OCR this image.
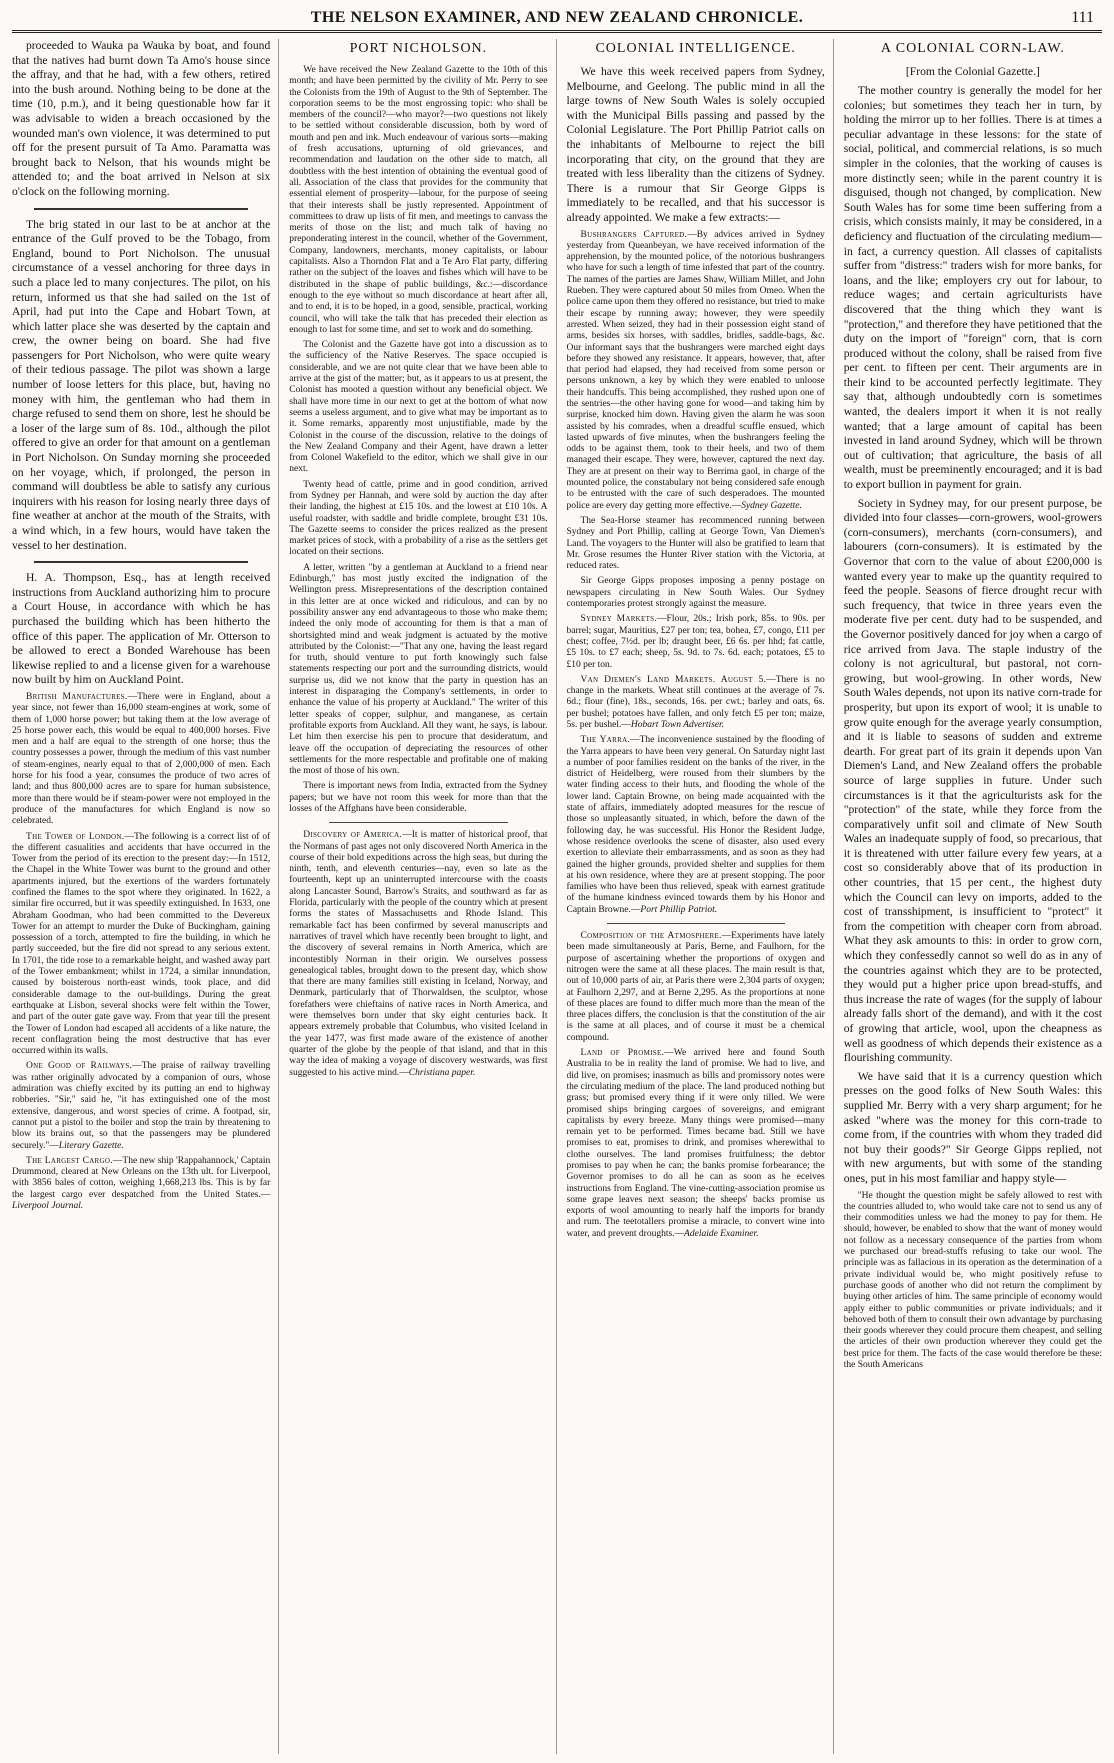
THE NELSON EXAMINER, AND NEW ZEALAND CHRONICLE.	111

proceeded to Wauka pa Wauka by boat, and found that the natives had burnt down Ta Amo's house since the affray, and that he had, with a few others, retired into the bush around. Nothing being to be done at the time (10, p.m.), and it being questionable how far it was advisable to widen a breach occasioned by the wounded man's own violence, it was determined to put off for the present pursuit of Ta Amo. Paramatta was brought back to Nelson, that his wounds might be attended to; and the boat arrived in Nelson at six o'clock on the following morning.

The brig stated in our last to be at anchor at the entrance of the Gulf proved to be the Tobago, from England, bound to Port Nicholson. The unusual circumstance of a vessel anchoring for three days in such a place led to many conjectures. The pilot, on his return, informed us that she had sailed on the 1st of April, had put into the Cape and Hobart Town, at which latter place she was deserted by the captain and crew, the owner being on board. She had five passengers for Port Nicholson, who were quite weary of their tedious passage. The pilot was shown a large number of loose letters for this place, but, having no money with him, the gentleman who had them in charge refused to send them on shore, lest he should be a loser of the large sum of 8s. 10d., although the pilot offered to give an order for that amount on a gentleman in Port Nicholson. On Sunday morning she proceeded on her voyage, which, if prolonged, the person in command will doubtless be able to satisfy any curious inquirers with his reason for losing nearly three days of fine weather at anchor at the mouth of the Straits, with a wind which, in a few hours, would have taken the vessel to her destination.

H. A. Thompson, Esq., has at length received instructions from Auckland authorizing him to procure a Court House, in accordance with which he has purchased the building which has been hitherto the office of this paper. The application of Mr. Otterson to be allowed to erect a Bonded Warehouse has been likewise replied to and a license given for a warehouse now built by him on Auckland Point.

British Manufactures.—There were in England, about a year since, not fewer than 16,000 steam-engines at work, some of them of 1,000 horse power; but taking them at the low average of 25 horse power each, this would be equal to 400,000 horses. Five men and a half are equal to the strength of one horse; thus the country possesses a power, through the medium of this vast number of steam-engines, nearly equal to that of 2,000,000 of men. Each horse for his food a year, consumes the produce of two acres of land; and thus 800,000 acres are to spare for human subsistence, more than there would be if steam-power were not employed in the produce of the manufactures for which England is now so celebrated.

The Tower of London.—The following is a correct list of of the different casualities and accidents that have occurred in the Tower from the period of its erection to the present day:—In 1512, the Chapel in the White Tower was burnt to the ground and other apartments injured, but the exertions of the warders fortunately confined the flames to the spot where they originated. In 1622, a similar fire occurred, but it was speedily extinguished. In 1633, one Abraham Goodman, who had been committed to the Devereux Tower for an attempt to murder the Duke of Buckingham, gaining possession of a torch, attempted to fire the building, in which he partly succeeded, but the fire did not spread to any serious extent. In 1701, the tide rose to a remarkable height, and washed away part of the Tower embankment; whilst in 1724, a similar innundation, caused by boisterous north-east winds, took place, and did considerable damage to the out-buildings. During the great earthquake at Lisbon, several shocks were felt within the Tower, and part of the outer gate gave way. From that year till the present the Tower of London had escaped all accidents of a like nature, the recent conflagration being the most destructive that has ever occurred within its walls.

One Good of Railways.—The praise of railway travelling was rather originally advocated by a companion of ours, whose admiration was chiefly excited by its putting an end to highway robberies. "Sir," said he, "it has extinguished one of the most extensive, dangerous, and worst species of crime. A footpad, sir, cannot put a pistol to the boiler and stop the train by threatening to blow its brains out, so that the passengers may be plundered securely."—Literary Gazette.

The Largest Cargo.—The new ship 'Rappahannock,' Captain Drummond, cleared at New Orleans on the 13th ult. for Liverpool, with 3856 bales of cotton, weighing 1,668,213 lbs. This is by far the largest cargo ever despatched from the United States.—Liverpool Journal.

PORT NICHOLSON.

We have received the New Zealand Gazette to the 10th of this month; and have been permitted by the civility of Mr. Perry to see the Colonists from the 19th of August to the 9th of September. The corporation seems to be the most engrossing topic: who shall be members of the council?—who mayor?—two questions not likely to be settled without considerable discussion, both by word of mouth and pen and ink. Much endeavour of various sorts—making of fresh accusations, upturning of old grievances, and recommendation and laudation on the other side to match, all doubtless with the best intention of obtaining the eventual good of all. Association of the class that provides for the community that essential element of prosperity—labour, for the purpose of seeing that their interests shall be justly represented. Appointment of committees to draw up lists of fit men, and meetings to canvass the merits of those on the list; and much talk of having no preponderating interest in the council, whether of the Government, Company, landowners, merchants, money capitalists, or labour capitalists. Also a Thorndon Flat and a Te Aro Flat party, differing rather on the subject of the loaves and fishes which will have to be distributed in the shape of public buildings, &c.:—discordance enough to the eye without so much discordance at heart after all, and to end, it is to be hoped, in a good, sensible, practical, working council, who will take the talk that has preceded their election as enough to last for some time, and set to work and do something.

The Colonist and the Gazette have got into a discussion as to the sufficiency of the Native Reserves. The space occupied is considerable, and we are not quite clear that we have been able to arrive at the gist of the matter; but, as it appears to us at present, the Colonist has mooted a question without any beneficial object. We shall have more time in our next to get at the bottom of what now seems a useless argument, and to give what may be important as to it. Some remarks, apparently most unjustifiable, made by the Colonist in the course of the discussion, relative to the doings of the New Zealand Company and their Agent, have drawn a letter from Colonel Wakefield to the editor, which we shall give in our next.

Twenty head of cattle, prime and in good condition, arrived from Sydney per Hannah, and were sold by auction the day after their landing, the highest at £15 10s. and the lowest at £10 10s. A useful roadster, with saddle and bridle complete, brought £31 10s. The Gazette seems to consider the prices realized as the present market prices of stock, with a probability of a rise as the settlers get located on their sections.

A letter, written "by a gentleman at Auckland to a friend near Edinburgh," has most justly excited the indignation of the Wellington press. Misrepresentations of the description contained in this letter are at once wicked and ridiculous, and can by no possibility answer any end advantageous to those who make them; indeed the only mode of accounting for them is that a man of shortsighted mind and weak judgment is actuated by the motive attributed by the Colonist:—"That any one, having the least regard for truth, should venture to put forth knowingly such false statements respecting our port and the surrounding districts, would surprise us, did we not know that the party in question has an interest in disparaging the Company's settlements, in order to enhance the value of his property at Auckland." The writer of this letter speaks of copper, sulphur, and manganese, as certain profitable exports from Auckland. All they want, he says, is labour. Let him then exercise his pen to procure that desideratum, and leave off the occupation of depreciating the resources of other settlements for the more respectable and profitable one of making the most of those of his own.

There is important news from India, extracted from the Sydney papers; but we have not room this week for more than that the losses of the Affghans have been considerable.

Discovery of America.—It is matter of historical proof, that the Normans of past ages not only discovered North America in the course of their bold expeditions across the high seas, but during the ninth, tenth, and eleventh centuries—nay, even so late as the fourteenth, kept up an uninterrupted intercourse with the coasts along Lancaster Sound, Barrow's Straits, and southward as far as Florida, particularly with the people of the country which at present forms the states of Massachusetts and Rhode Island. This remarkable fact has been confirmed by several manuscripts and narratives of travel which have recently been brought to light, and the discovery of several remains in North America, which are incontestibly Norman in their origin. We ourselves possess genealogical tables, brought down to the present day, which show that there are many families still existing in Iceland, Norway, and Denmark, particularly that of Thorwaldsen, the sculptor, whose forefathers were chieftains of native races in North America, and were themselves born under that sky eight centuries back. It appears extremely probable that Columbus, who visited Iceland in the year 1477, was first made aware of the existence of another quarter of the globe by the people of that island, and that in this way the idea of making a voyage of discovery westwards, was first suggested to his active mind.—Christiana paper.

COLONIAL INTELLIGENCE.

We have this week received papers from Sydney, Melbourne, and Geelong. The public mind in all the large towns of New South Wales is solely occupied with the Municipal Bills passing and passed by the Colonial Legislature. The Port Phillip Patriot calls on the inhabitants of Melbourne to reject the bill incorporating that city, on the ground that they are treated with less liberality than the citizens of Sydney. There is a rumour that Sir George Gipps is immediately to be recalled, and that his successor is already appointed. We make a few extracts:—

Bushrangers Captured.—By advices arrived in Sydney yesterday from Queanbeyan, we have received information of the apprehension, by the mounted police, of the notorious bushrangers who have for such a length of time infested that part of the country. The names of the parties are James Shaw, William Millet, and John Rueben. They were captured about 50 miles from Omeo. When the police came upon them they offered no resistance, but tried to make their escape by running away; however, they were speedily arrested. When seized, they had in their possession eight stand of arms, besides six horses, with saddles, bridles, saddle-bags, &c. Our informant says that the bushrangers were marched eight days before they showed any resistance. It appears, however, that, after that period had elapsed, they had received from some person or persons unknown, a key by which they were enabled to unloose their handcuffs. This being accomplished, they rushed upon one of the sentries—the other having gone for wood—and taking him by surprise, knocked him down. Having given the alarm he was soon assisted by his comrades, when a dreadful scuffle ensued, which lasted upwards of five minutes, when the bushrangers feeling the odds to be against them, took to their heels, and two of them managed their escape. They were, however, captured the next day. They are at present on their way to Berrima gaol, in charge of the mounted police, the constabulary not being considered safe enough to be entrusted with the care of such desperadoes. The mounted police are every day getting more effective.—Sydney Gazette.

The Sea-Horse steamer has recommenced running between Sydney and Port Phillip, calling at George Town, Van Diemen's Land. The voyagers to the Hunter will also be gratified to learn that Mr. Grose resumes the Hunter River station with the Victoria, at reduced rates.

Sir George Gipps proposes imposing a penny postage on newspapers circulating in New South Wales. Our Sydney contemporaries protest strongly against the measure.

Sydney Markets.—Flour, 20s.; Irish pork, 85s. to 90s. per barrel; sugar, Mauritius, £27 per ton; tea, bohea, £7, congo, £11 per chest; coffee, 7½d. per lb; draught beer, £6 6s. per hhd; fat cattle, £5 10s. to £7 each; sheep, 5s. 9d. to 7s. 6d. each; potatoes, £5 to £10 per ton.

Van Diemen's Land Markets. August 5.—There is no change in the markets. Wheat still continues at the average of 7s. 6d.; flour (fine), 18s., seconds, 16s. per cwt.; barley and oats, 6s. per bushel; potatoes have fallen, and only fetch £5 per ton; maize, 5s. per bushel.—Hobart Town Advertiser.

The Yarra.—The inconvenience sustained by the flooding of the Yarra appears to have been very general. On Saturday night last a number of poor families resident on the banks of the river, in the district of Heidelberg, were roused from their slumbers by the water finding access to their huts, and flooding the whole of the lower land. Captain Browne, on being made acquainted with the state of affairs, immediately adopted measures for the rescue of those so unpleasantly situated, in which, before the dawn of the following day, he was successful. His Honor the Resident Judge, whose residence overlooks the scene of disaster, also used every exertion to alleviate their embarrassments, and as soon as they had gained the higher grounds, provided shelter and supplies for them at his own residence, where they are at present stopping. The poor families who have been thus relieved, speak with earnest gratitude of the humane kindness evinced towards them by his Honor and Captain Browne.—Port Phillip Patriot.

Composition of the Atmosphere.—Experiments have lately been made simultaneously at Paris, Berne, and Faulhorn, for the purpose of ascertaining whether the proportions of oxygen and nitrogen were the same at all these places. The main result is that, out of 10,000 parts of air, at Paris there were 2,304 parts of oxygen; at Faulhorn 2,297, and at Berne 2,295. As the proportions at none of these places are found to differ much more than the mean of the three places differs, the conclusion is that the constitution of the air is the same at all places, and of course it must be a chemical compound.

Land of Promise.—We arrived here and found South Australia to be in reality the land of promise. We had to live, and did live, on promises; inasmuch as bills and promissory notes were the circulating medium of the place. The land produced nothing but grass; but promised every thing if it were only tilled. We were promised ships bringing cargoes of sovereigns, and emigrant capitalists by every breeze. Many things were promised—many remain yet to be performed. Times became bad. Still we have promises to eat, promises to drink, and promises wherewithal to clothe ourselves. The land promises fruitfulness; the debtor promises to pay when he can; the banks promise forbearance; the Governor promises to do all he can as soon as he eceives instructions from England. The vine-cutting-association promise us some grape leaves next season; the sheeps' backs promise us exports of wool amounting to nearly half the imports for brandy and rum. The teetotallers promise a miracle, to convert wine into water, and prevent droughts.—Adelaide Examiner.

A COLONIAL CORN-LAW.
[From the Colonial Gazette.]

The mother country is generally the model for her colonies; but sometimes they teach her in turn, by holding the mirror up to her follies. There is at times a peculiar advantage in these lessons: for the state of social, political, and commercial relations, is so much simpler in the colonies, that the working of causes is more distinctly seen; while in the parent country it is disguised, though not changed, by complication. New South Wales has for some time been suffering from a crisis, which consists mainly, it may be considered, in a deficiency and fluctuation of the circulating medium—in fact, a currency question. All classes of capitalists suffer from "distress:" traders wish for more banks, for loans, and the like; employers cry out for labour, to reduce wages; and certain agriculturists have discovered that the thing which they want is "protection," and therefore they have petitioned that the duty on the import of "foreign" corn, that is corn produced without the colony, shall be raised from five per cent. to fifteen per cent. Their arguments are in their kind to be accounted perfectly legitimate. They say that, although undoubtedly corn is sometimes wanted, the dealers import it when it is not really wanted; that a large amount of capital has been invested in land around Sydney, which will be thrown out of cultivation; that agriculture, the basis of all wealth, must be preeminently encouraged; and it is bad to export bullion in payment for grain.

Society in Sydney may, for our present purpose, be divided into four classes—corn-growers, wool-growers (corn-consumers), merchants (corn-consumers), and labourers (corn-consumers). It is estimated by the Governor that corn to the value of about £200,000 is wanted every year to make up the quantity required to feed the people. Seasons of fierce drought recur with such frequency, that twice in three years even the moderate five per cent. duty had to be suspended, and the Governor positively danced for joy when a cargo of rice arrived from Java. The staple industry of the colony is not agricultural, but pastoral, not corn-growing, but wool-growing. In other words, New South Wales depends, not upon its native corn-trade for prosperity, but upon its export of wool; it is unable to grow quite enough for the average yearly consumption, and it is liable to seasons of sudden and extreme dearth. For great part of its grain it depends upon Van Diemen's Land, and New Zealand offers the probable source of large supplies in future. Under such circumstances is it that the agriculturists ask for the "protection" of the state, while they force from the comparatively unfit soil and climate of New South Wales an inadequate supply of food, so precarious, that it is threatened with utter failure every few years, at a cost so considerably above that of its production in other countries, that 15 per cent., the highest duty which the Council can levy on imports, added to the cost of transshipment, is insufficient to "protect" it from the competition with cheaper corn from abroad. What they ask amounts to this: in order to grow corn, which they confessedly cannot so well do as in any of the countries against which they are to be protected, they would put a higher price upon bread-stuffs, and thus increase the rate of wages (for the supply of labour already falls short of the demand), and with it the cost of growing that article, wool, upon the cheapness as well as goodness of which depends their existence as a flourishing community.

We have said that it is a currency question which presses on the good folks of New South Wales: this supplied Mr. Berry with a very sharp argument; for he asked "where was the money for this corn-trade to come from, if the countries with whom they traded did not buy their goods?" Sir George Gipps replied, not with new arguments, but with some of the standing ones, put in his most familiar and happy style—

"He thought the question might be safely allowed to rest with the countries alluded to, who would take care not to send us any of their commodities unless we had the money to pay for them. He should, however, be enabled to show that the want of money would not follow as a necessary consequence of the parties from whom we purchased our bread-stuffs refusing to take our wool. The principle was as fallacious in its operation as the determination of a private individual would be, who might positively refuse to purchase goods of another who did not return the compliment by buying other articles of him. The same principle of economy would apply either to public communities or private individuals; and it behoved both of them to consult their own advantage by purchasing their goods wherever they could procure them cheapest, and selling the articles of their own production wherever they could get the best price for them. The facts of the case would therefore be these: the South Americans
